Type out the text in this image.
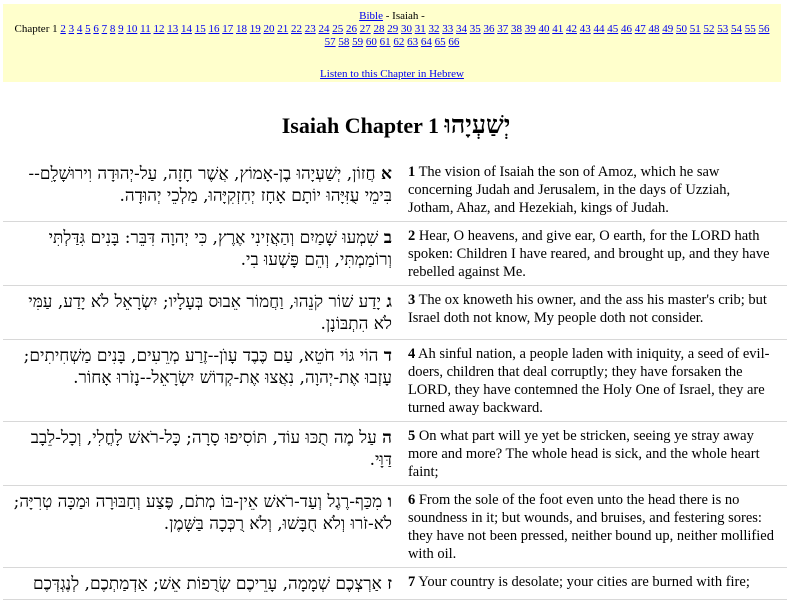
Bible - Isaiah -
Chapter 1 2 3 4 5 6 7 8 9 10 11 12 13 14 15 16 17 18 19 20 21 22 23 24 25 26 27 28 29 30 31 32 33 34 35 36 37 38 39 40 41 42 43 44 45 46 47 48 49 50 51 52 53 54 55 56 57 58 59 60 61 62 63 64 65 66
Listen to this Chapter in Hebrew
Isaiah Chapter 1 יְשַׁעְיָהוּ
א חֲזוֹן, יְשַׁעְיָהוּ בֶן-אָמוֹץ, אֲשֶׁר חָזָה, עַל-יְהוּדָה וִירוּשָׁלִָם--בִּימֵי עֻזִּיָּהוּ יוֹתָם אָחָז יְחִזְקִיָּהוּ, מַלְכֵי יְהוּדָה.	1 The vision of Isaiah the son of Amoz, which he saw concerning Judah and Jerusalem, in the days of Uzziah, Jotham, Ahaz, and Hezekiah, kings of Judah.
ב שִׁמְעוּ שָׁמַיִם וְהַאֲזִינִי אֶרֶץ, כִּי יְהוָה דִּבֵּר: בָּנִים גִּדַּלְתִּי וְרוֹמַמְתִּי, וְהֵם פָּשְׁעוּ בִי.	2 Hear, O heavens, and give ear, O earth, for the LORD hath spoken: Children I have reared, and brought up, and they have rebelled against Me.
ג יָדַע שׁוֹר קֹנֵהוּ, וַחֲמוֹר אֵבוּס בְּעָלָיו; יִשְׂרָאֵל לֹא יָדַע, עַמִּי לֹא הִתְבּוֹנָן.	3 The ox knoweth his owner, and the ass his master's crib; but Israel doth not know, My people doth not consider.
ד הוֹי גּוֹי חֹטֵא, עַם כֶּבֶד עָוֺן--זֶרַע מְרֵעִים, בָּנִים מַשְׁחִיתִים; עָזְבוּ אֶת-יְהוָה, נִאֲצוּ אֶת-קְדוֹשׁ יִשְׂרָאֵל--נָזֹרוּ אָחוֹר.	4 Ah sinful nation, a people laden with iniquity, a seed of evil-doers, children that deal corruptly; they have forsaken the LORD, they have contemned the Holy One of Israel, they are turned away backward.
ה עַל מֶה תֻכּוּ עוֹד, תּוֹסִיפוּ סָרָה; כָּל-רֹאשׁ לָחֳלִי, וְכָל-לֵבָב דַּוָּי.	5 On what part will ye yet be stricken, seeing ye stray away more and more? The whole head is sick, and the whole heart faint;
ו מִכַּף-רֶגֶל וְעַד-רֹאשׁ אֵין-בּוֹ מְתֹם, פֶּצַע וְחַבּוּרָה וּמַכָּה טְרִיָּה; לֹא-זֹרוּ וְלֹא חֻבָּשׁוּ, וְלֹא רֻכְּכָה בַּשָּׁמֶן.	6 From the sole of the foot even unto the head there is no soundness in it; but wounds, and bruises, and festering sores: they have not been pressed, neither bound up, neither mollified with oil.
ז אַרְצְכֶם שְׁמָמָה, עָרֵיכֶם שְׂרֻפוֹת אֵשׁ; אַדְמַתְכֶם, לְנֶגְדְּכֶם	7 Your country is desolate; your cities are burned with fire;
